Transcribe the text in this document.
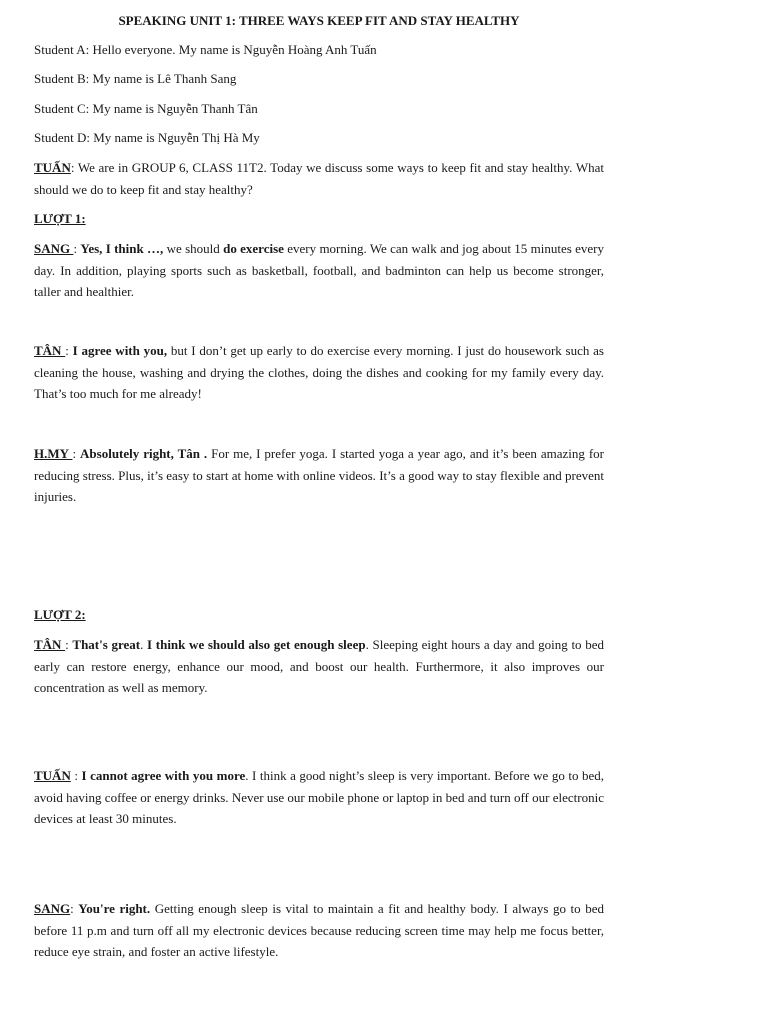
SPEAKING UNIT 1: THREE WAYS KEEP FIT AND STAY HEALTHY
Student A: Hello everyone. My name is Nguyễn Hoàng Anh Tuấn
Student B: My name is Lê Thanh Sang
Student C: My name is Nguyễn Thanh Tân
Student D: My name is Nguyễn Thị Hà My
TUẤN: We are in GROUP 6, CLASS 11T2. Today we discuss some ways to keep fit and stay healthy. What should we do to keep fit and stay healthy?
LƯỢT 1:
SANG : Yes, I think …, we should do exercise every morning. We can walk and jog about 15 minutes every day. In addition, playing sports such as basketball, football, and badminton can help us become stronger, taller and healthier.
TÂN : I agree with you, but I don’t get up early to do exercise every morning. I just do housework such as cleaning the house, washing and drying the clothes, doing the dishes and cooking for my family every day. That’s too much for me already!
H.MY : Absolutely right, Tân . For me, I prefer yoga. I started yoga a year ago, and it’s been amazing for reducing stress. Plus, it’s easy to start at home with online videos. It’s a good way to stay flexible and prevent injuries.
LƯỢT 2:
TÂN : That's great. I think we should also get enough sleep. Sleeping eight hours a day and going to bed early can restore energy, enhance our mood, and boost our health. Furthermore, it also improves our concentration as well as memory.
TUẤN : I cannot agree with you more. I think a good night’s sleep is very important. Before we go to bed, avoid having coffee or energy drinks. Never use our mobile phone or laptop in bed and turn off our electronic devices at least 30 minutes.
SANG: You're right. Getting enough sleep is vital to maintain a fit and healthy body. I always go to bed before 11 p.m and turn off all my electronic devices because reducing screen time may help me focus better, reduce eye strain, and foster an active lifestyle.
